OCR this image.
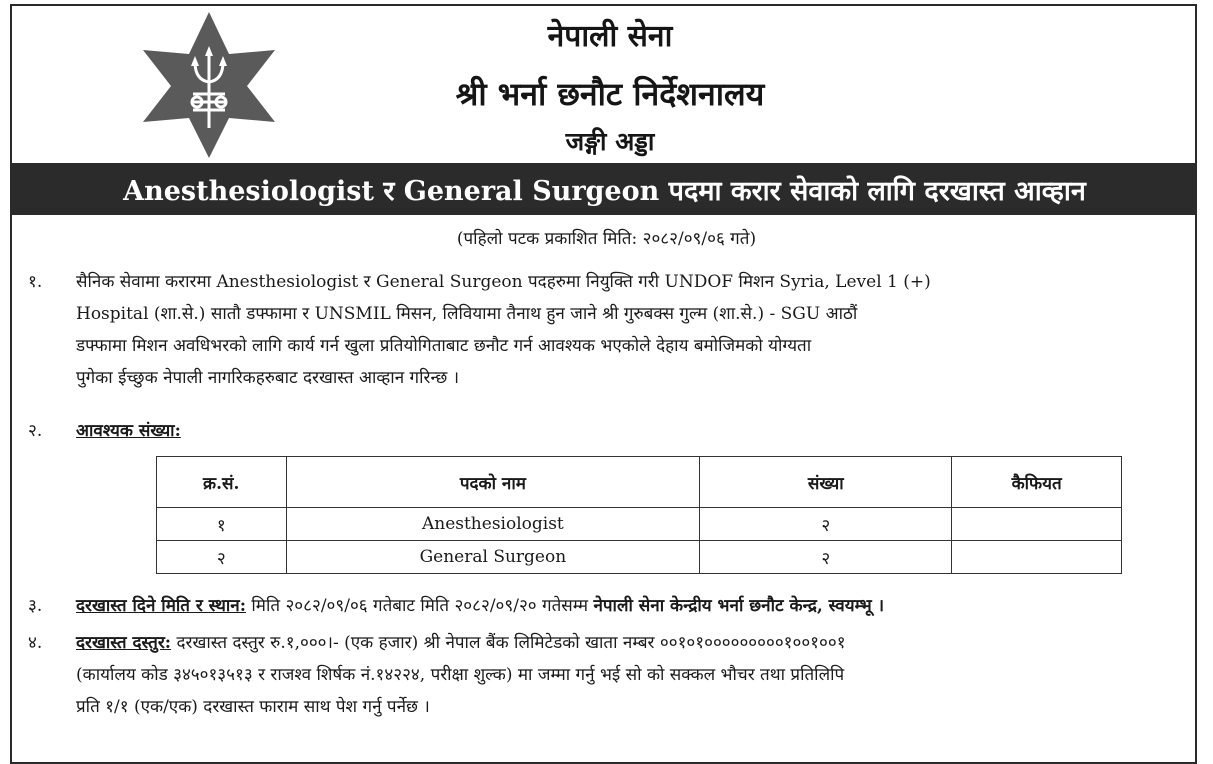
नेपाली सेना
श्री भर्ना छनौट निर्देशनालय
जङ्गी अड्डा
Anesthesiologist र General Surgeon पदमा करार सेवाको लागि दरखास्त आव्हान
(पहिलो पटक प्रकाशित मिति: २०८२/०९/०६ गते)
१. सैनिक सेवामा करारमा Anesthesiologist र General Surgeon पदहरुमा नियुक्ति गरी UNDOF मिशन Syria, Level 1 (+)
Hospital (शा.से.) सातौ डफ्फामा र UNSMIL मिसन, लिवियामा तैनाथ हुन जाने श्री गुरुबक्स गुल्म (शा.से.) - SGU आठौं
डफ्फामा मिशन अवधिभरको लागि कार्य गर्न खुला प्रतियोगिताबाट छनौट गर्न आवश्यक भएकोले देहाय बमोजिमको योग्यता
पुगेका ईच्छुक नेपाली नागरिकहरुबाट दरखास्त आव्हान गरिन्छ ।
२. आवश्यक संख्या:
क्र.सं.	पदको नाम	संख्या	कैफियत
१	Anesthesiologist	२	
२	General Surgeon	२	
३. दरखास्त दिने मिति र स्थान: मिति २०८२/०९/०६ गतेबाट मिति २०८२/०९/२० गतेसम्म नेपाली सेना केन्द्रीय भर्ना छनौट केन्द्र, स्वयम्भू ।
४. दरखास्त दस्तुर: दरखास्त दस्तुर रु.१,०००।- (एक हजार) श्री नेपाल बैंक लिमिटेडको खाता नम्बर ००१०१०००००००००१००१००१
(कार्यालय कोड ३४५०१३५१३ र राजश्व शिर्षक नं.१४२२४, परीक्षा शुल्क) मा जम्मा गर्नु भई सो को सक्कल भौचर तथा प्रतिलिपि
प्रति १/१ (एक/एक) दरखास्त फाराम साथ पेश गर्नु पर्नेछ ।
